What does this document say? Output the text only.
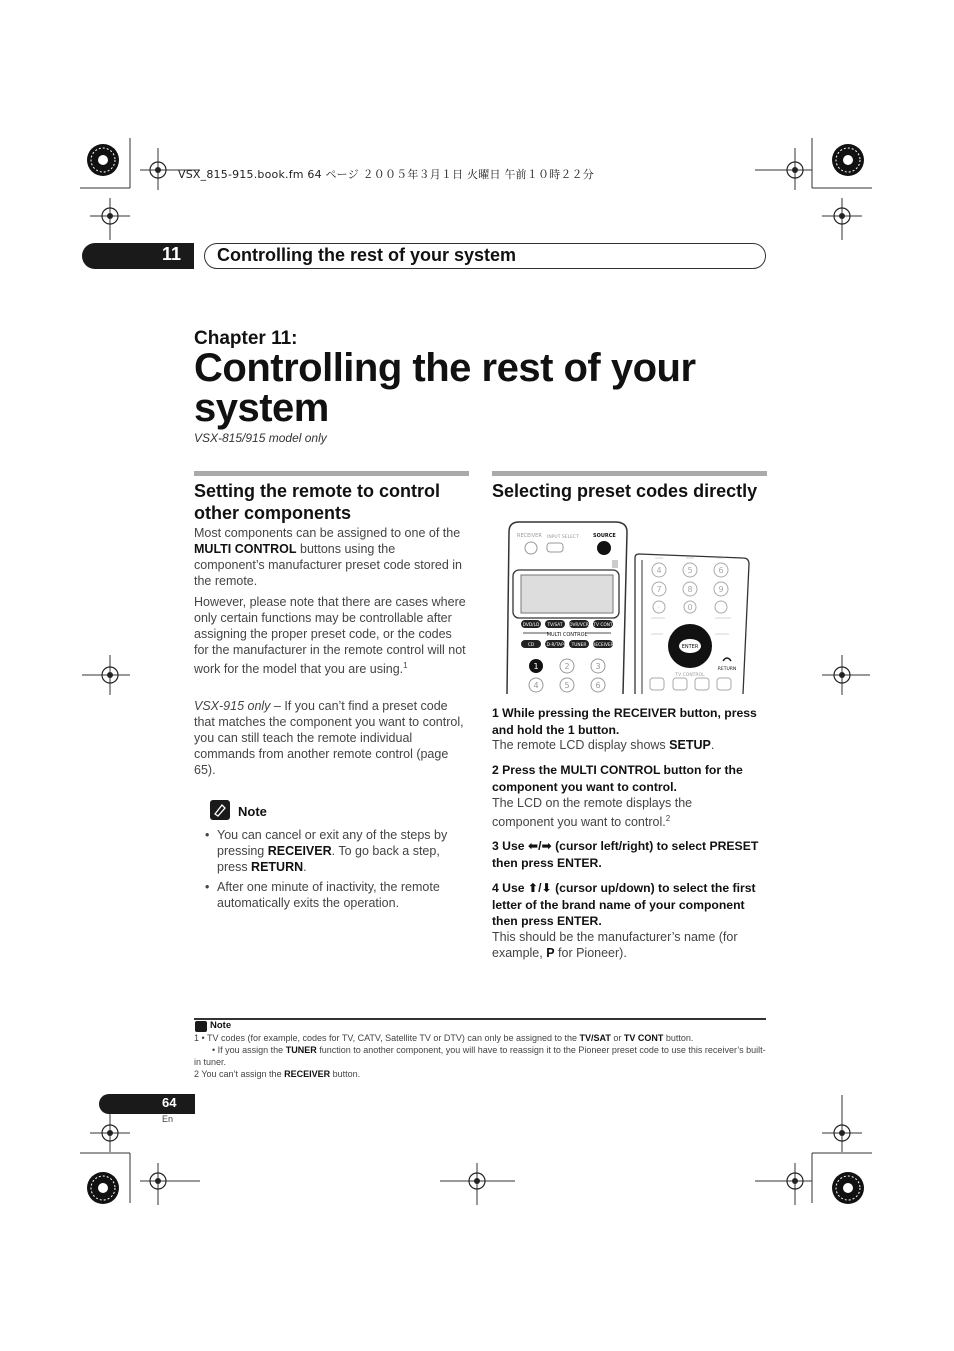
VSX_815-915.book.fm 64 ページ ２００５年３月１日 火曜日 午前１０時２２分
11 Controlling the rest of your system
Chapter 11:
Controlling the rest of your system
VSX-815/915 model only
Setting the remote to control other components
Most components can be assigned to one of the MULTI CONTROL buttons using the component’s manufacturer preset code stored in the remote.
However, please note that there are cases where only certain functions may be controllable after assigning the proper preset code, or the codes for the manufacturer in the remote control will not work for the model that you are using.$^1$
VSX-915 only – If you can’t find a preset code that matches the component you want to control, you can still teach the remote individual commands from another remote control (page 65).
Note
• You can cancel or exit any of the steps by pressing RECEIVER. To go back a step, press RETURN.
• After one minute of inactivity, the remote automatically exits the operation.
Selecting preset codes directly
RECEIVER INPUT SELECT	SOURCE
DVD/LD TV/SAT DVR/VCR TV CONT
CD CD-R/TAPE TUNER RECEIVER
MULTI CONTROL
1	2	3
4	5	6
4	5	6
7	8	9
·	0
ENTER
RETURN
TV CONTROL
1 While pressing the RECEIVER button, press and hold the 1 button.
The remote LCD display shows SETUP.
2 Press the MULTI CONTROL button for the component you want to control.
The LCD on the remote displays the component you want to control.$^2$
3 Use ⬅/➡ (cursor left/right) to select PRESET then press ENTER.
4 Use ⬆/⬇ (cursor up/down) to select the first letter of the brand name of your component then press ENTER.
This should be the manufacturer’s name (for example, P for Pioneer).
Note
1 • TV codes (for example, codes for TV, CATV, Satellite TV or DTV) can only be assigned to the TV/SAT or TV CONT button.
• If you assign the TUNER function to another component, you will have to reassign it to the Pioneer preset code to use this receiver’s built-in tuner.
2 You can’t assign the RECEIVER button.
64
En
